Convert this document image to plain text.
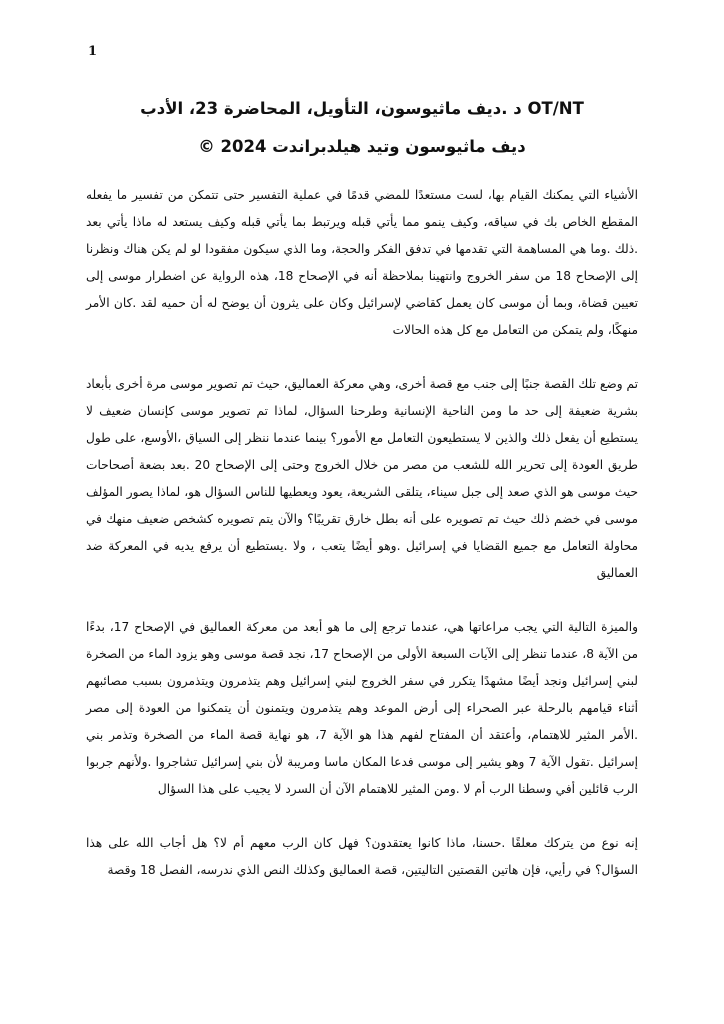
1
OT/NT د .ديف ماثيوسون، التأويل، المحاضرة 23، الأدب
ديف ماثيوسون وتيد هيلدبراندت 2024 ©

الأشياء التي يمكنك القيام بها، لست مستعدًا للمضي قدمًا في عملية التفسير حتى تتمكن من تفسير ما يفعله المقطع الخاص بك في سياقه، وكيف ينمو مما يأتي قبله ويرتبط بما يأتي قبله وكيف يستعد له ماذا يأتي بعد .ذلك .وما هي المساهمة التي تقدمها في تدفق الفكر والحجة، وما الذي سيكون مفقودا لو لم يكن هناك ونظرنا إلى الإصحاح 18 من سفر الخروج وانتهينا بملاحظة أنه في الإصحاح 18، هذه الرواية عن اضطرار موسى إلى تعيين قضاة، وبما أن موسى كان يعمل كقاضي لإسرائيل وكان على يثرون أن يوضح له أن حميه لقد .كان الأمر منهكًا، ولم يتمكن من التعامل مع كل هذه الحالات

تم وضع تلك القصة جنبًا إلى جنب مع قصة أخرى، وهي معركة العماليق، حيث تم تصوير موسى مرة أخرى بأبعاد بشرية ضعيفة إلى حد ما ومن الناحية الإنسانية وطرحنا السؤال، لماذا تم تصوير موسى كإنسان ضعيف لا يستطيع أن يفعل ذلك والذين لا يستطيعون التعامل مع الأمور؟ بينما عندما ننظر إلى السياق ،الأوسع، على طول طريق العودة إلى تحرير الله للشعب من مصر من خلال الخروج وحتى إلى الإصحاح 20 .بعد بضعة أصحاحات حيث موسى هو الذي صعد إلى جبل سيناء، يتلقى الشريعة، يعود ويعطيها للناس السؤال هو، لماذا يصور المؤلف موسى في خضم ذلك حيث تم تصويره على أنه بطل خارق تقريبًا؟ والآن يتم تصويره كشخص ضعيف منهك في محاولة التعامل مع جميع القضايا في إسرائيل .وهو أيضًا يتعب ، ولا .يستطيع أن يرفع يديه في المعركة ضد العماليق

والميزة التالية التي يجب مراعاتها هي، عندما ترجع إلى ما هو أبعد من معركة العماليق في الإصحاح 17، بدءًا من الآية 8، عندما تنظر إلى الآيات السبعة الأولى من الإصحاح 17، نجد قصة موسى وهو يزود الماء من الصخرة لبني إسرائيل ونجد أيضًا مشهدًا يتكرر في سفر الخروج لبني إسرائيل وهم يتذمرون ويتذمرون بسبب مصائبهم أثناء قيامهم بالرحلة عبر الصحراء إلى أرض الموعد وهم يتذمرون ويتمنون أن يتمكنوا من العودة إلى مصر .الأمر المثير للاهتمام، وأعتقد أن المفتاح لفهم هذا هو الآية 7، هو نهاية قصة الماء من الصخرة وتذمر بني إسرائيل .تقول الآية 7 وهو يشير إلى موسى فدعا المكان ماسا ومريبة لأن بني إسرائيل تشاجروا .ولأنهم جربوا الرب قائلين أفي وسطنا الرب أم لا .ومن المثير للاهتمام الآن أن السرد لا يجيب على هذا السؤال

إنه نوع من يتركك معلقًا .حسنا، ماذا كانوا يعتقدون؟ فهل كان الرب معهم أم لا؟ هل أجاب الله على هذا السؤال؟ في رأيي، فإن هاتين القصتين التاليتين، قصة العماليق وكذلك النص الذي ندرسه، الفصل 18 وقصة
